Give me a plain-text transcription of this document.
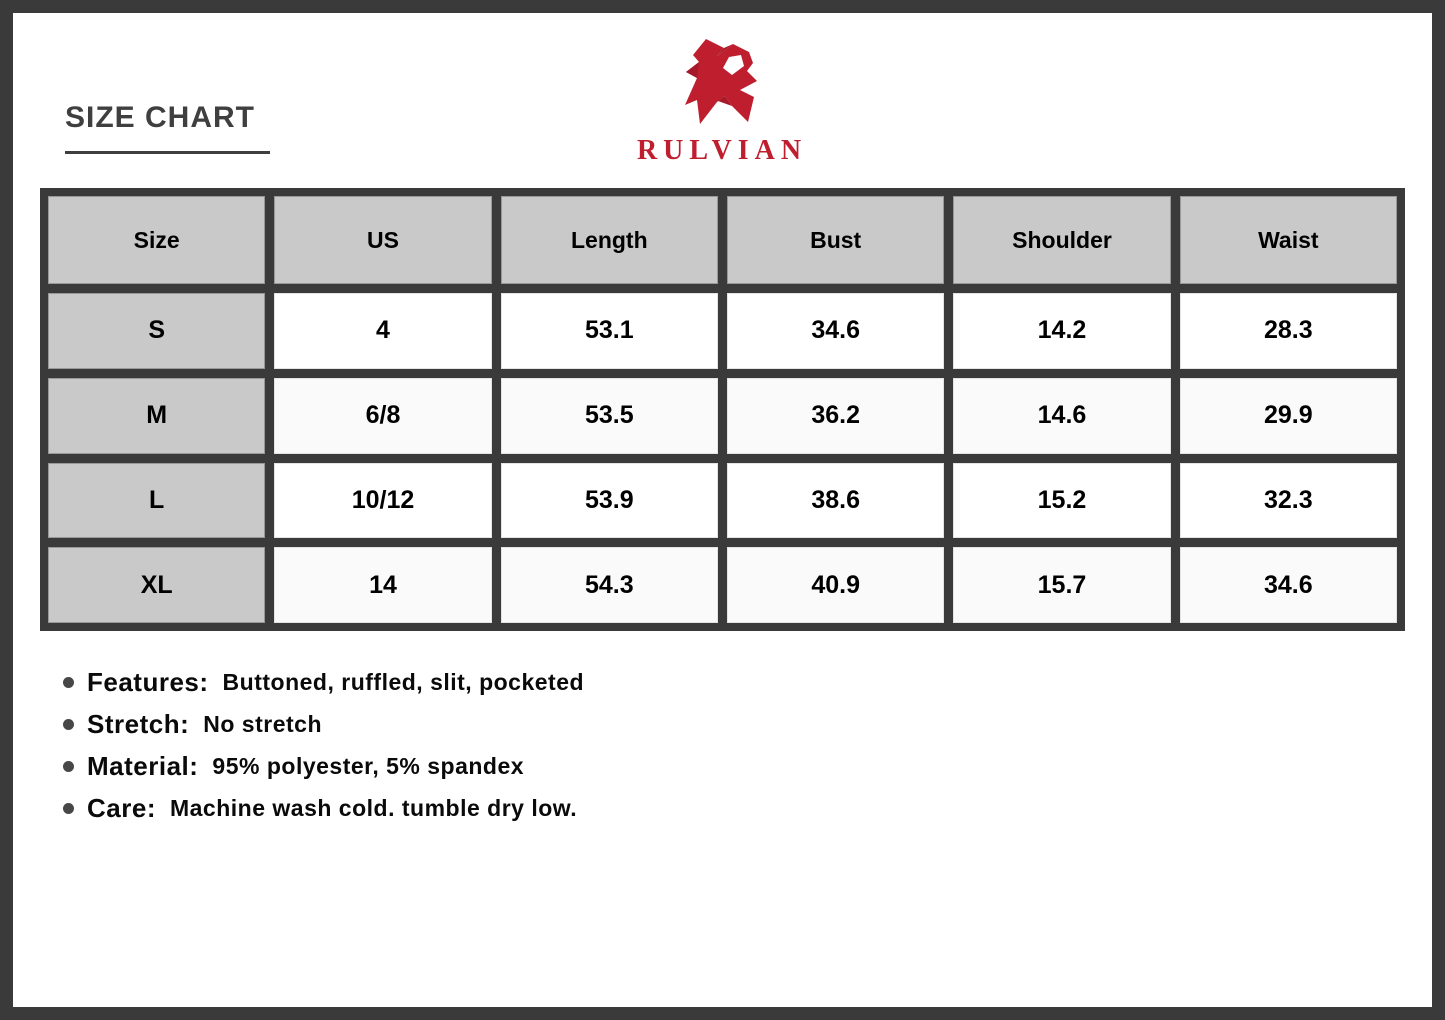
SIZE CHART
RULVIAN
Size	US	Length	Bust	Shoulder	Waist
S	4	53.1	34.6	14.2	28.3
M	6/8	53.5	36.2	14.6	29.9
L	10/12	53.9	38.6	15.2	32.3
XL	14	54.3	40.9	15.7	34.6
Features: Buttoned, ruffled, slit, pocketed
Stretch: No stretch
Material: 95% polyester, 5% spandex
Care: Machine wash cold. tumble dry low.
